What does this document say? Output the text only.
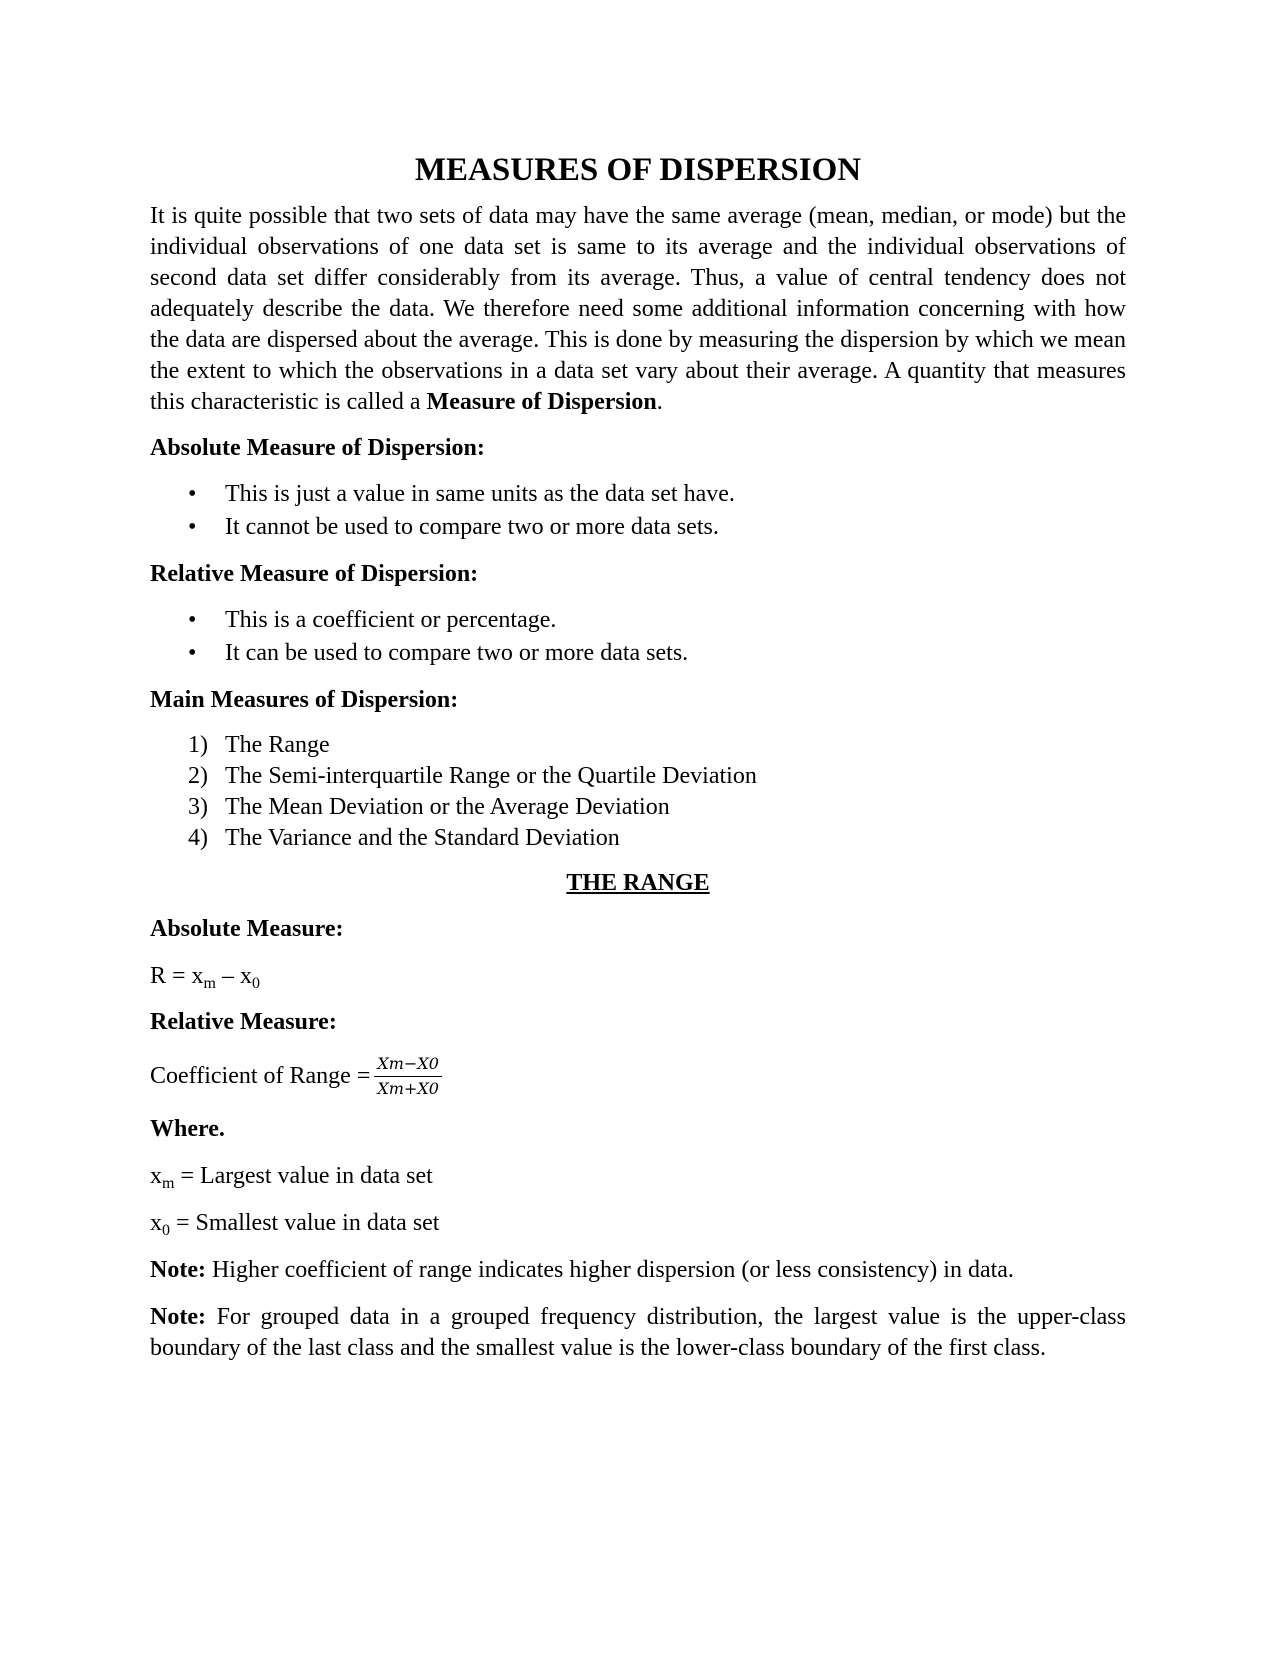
MEASURES OF DISPERSION

It is quite possible that two sets of data may have the same average (mean, median, or mode) but the individual observations of one data set is same to its average and the individual observations of second data set differ considerably from its average. Thus, a value of central tendency does not adequately describe the data. We therefore need some additional information concerning with how the data are dispersed about the average. This is done by measuring the dispersion by which we mean the extent to which the observations in a data set vary about their average. A quantity that measures this characteristic is called a Measure of Dispersion.

Absolute Measure of Dispersion:
• This is just a value in same units as the data set have.
• It cannot be used to compare two or more data sets.
Relative Measure of Dispersion:
• This is a coefficient or percentage.
• It can be used to compare two or more data sets.
Main Measures of Dispersion:
1) The Range
2) The Semi-interquartile Range or the Quartile Deviation
3) The Mean Deviation or the Average Deviation
4) The Variance and the Standard Deviation
THE RANGE
Absolute Measure:
$R = x_m - x_0$
Relative Measure:
Coefficient of Range = $\frac{Xm-X0}{Xm+X0}$
Where.
$x_m$ = Largest value in data set
$x_0$ = Smallest value in data set

Note: Higher coefficient of range indicates higher dispersion (or less consistency) in data.

Note: For grouped data in a grouped frequency distribution, the largest value is the upper-class boundary of the last class and the smallest value is the lower-class boundary of the first class.
